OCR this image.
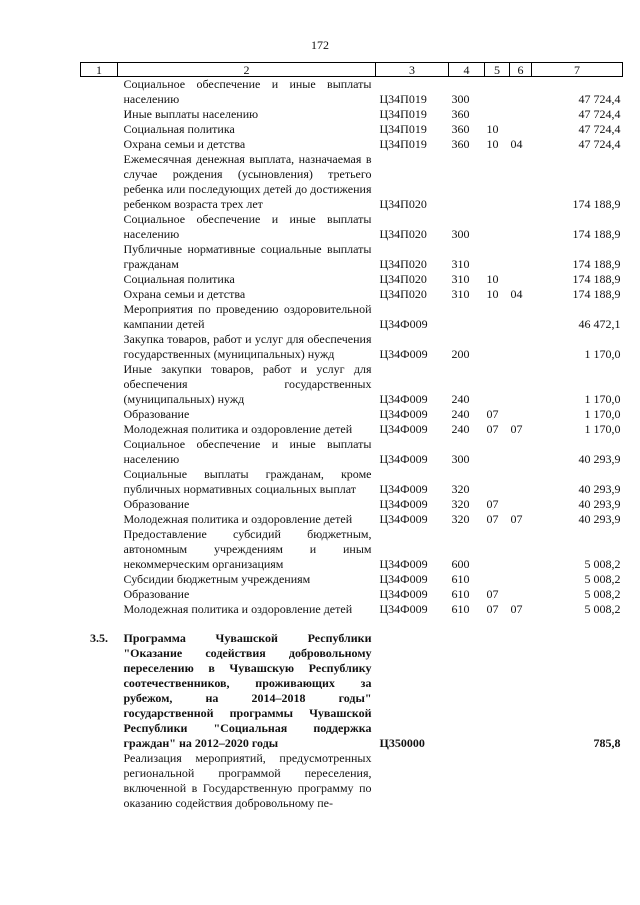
172
1	2	3	4	5	6	7
	Социальное обеспечение и иные выплаты населению	Ц34П019	300			47 724,4
	Иные выплаты населению	Ц34П019	360			47 724,4
	Социальная политика	Ц34П019	360	10		47 724,4
	Охрана семьи и детства	Ц34П019	360	10	04	47 724,4
	Ежемесячная денежная выплата, назначаемая в случае рождения (усыновления) третьего ребенка или последующих детей до достижения ребенком возраста трех лет	Ц34П020				174 188,9
	Социальное обеспечение и иные выплаты населению	Ц34П020	300			174 188,9
	Публичные нормативные социальные выплаты гражданам	Ц34П020	310			174 188,9
	Социальная политика	Ц34П020	310	10		174 188,9
	Охрана семьи и детства	Ц34П020	310	10	04	174 188,9
	Мероприятия по проведению оздоровительной кампании детей	Ц34Ф009				46 472,1
	Закупка товаров, работ и услуг для обеспечения государственных (муниципальных) нужд	Ц34Ф009	200			1 170,0
	Иные закупки товаров, работ и услуг для обеспечения государственных (муниципальных) нужд	Ц34Ф009	240			1 170,0
	Образование	Ц34Ф009	240	07		1 170,0
	Молодежная политика и оздоровление детей	Ц34Ф009	240	07	07	1 170,0
	Социальное обеспечение и иные выплаты населению	Ц34Ф009	300			40 293,9
	Социальные выплаты гражданам, кроме публичных нормативных социальных выплат	Ц34Ф009	320			40 293,9
	Образование	Ц34Ф009	320	07		40 293,9
	Молодежная политика и оздоровление детей	Ц34Ф009	320	07	07	40 293,9
	Предоставление субсидий бюджетным, автономным учреждениям и иным некоммерческим организациям	Ц34Ф009	600			5 008,2
	Субсидии бюджетным учреждениям	Ц34Ф009	610			5 008,2
	Образование	Ц34Ф009	610	07		5 008,2
	Молодежная политика и оздоровление детей	Ц34Ф009	610	07	07	5 008,2

3.5.	Программа Чувашской Республики "Оказание содействия добровольному переселению в Чувашскую Республику соотечественников, проживающих за рубежом, на 2014–2018 годы" государственной программы Чувашской Республики "Социальная поддержка граждан" на 2012–2020 годы	Ц350000				785,8
	Реализация мероприятий, предусмотренных региональной программой переселения, включенной в Государственную программу по оказанию содействия добровольному пе-					
